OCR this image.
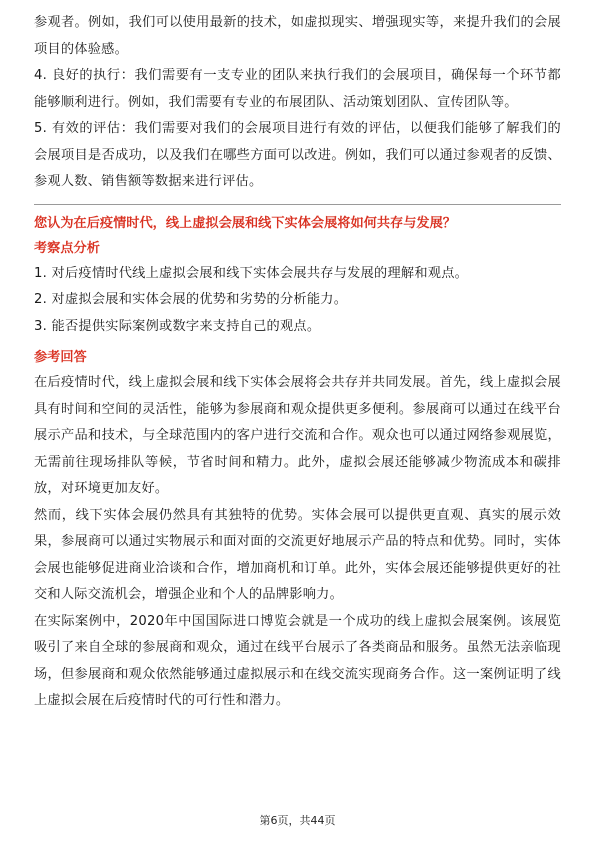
参观者。例如，我们可以使用最新的技术，如虚拟现实、增强现实等，来提升我们的会展项目的体验感。

4. 良好的执行：我们需要有一支专业的团队来执行我们的会展项目，确保每一个环节都能够顺利进行。例如，我们需要有专业的布展团队、活动策划团队、宣传团队等。

5. 有效的评估：我们需要对我们的会展项目进行有效的评估，以便我们能够了解我们的会展项目是否成功，以及我们在哪些方面可以改进。例如，我们可以通过参观者的反馈、参观人数、销售额等数据来进行评估。

您认为在后疫情时代，线上虚拟会展和线下实体会展将如何共存与发展？
考察点分析

1. 对后疫情时代线上虚拟会展和线下实体会展共存与发展的理解和观点。

2. 对虚拟会展和实体会展的优势和劣势的分析能力。

3. 能否提供实际案例或数字来支持自己的观点。

参考回答

在后疫情时代，线上虚拟会展和线下实体会展将会共存并共同发展。首先，线上虚拟会展具有时间和空间的灵活性，能够为参展商和观众提供更多便利。参展商可以通过在线平台展示产品和技术，与全球范围内的客户进行交流和合作。观众也可以通过网络参观展览，无需前往现场排队等候，节省时间和精力。此外，虚拟会展还能够减少物流成本和碳排放，对环境更加友好。

然而，线下实体会展仍然具有其独特的优势。实体会展可以提供更直观、真实的展示效果，参展商可以通过实物展示和面对面的交流更好地展示产品的特点和优势。同时，实体会展也能够促进商业洽谈和合作，增加商机和订单。此外，实体会展还能够提供更好的社交和人际交流机会，增强企业和个人的品牌影响力。

在实际案例中，2020年中国国际进口博览会就是一个成功的线上虚拟会展案例。该展览吸引了来自全球的参展商和观众，通过在线平台展示了各类商品和服务。虽然无法亲临现场，但参展商和观众依然能够通过虚拟展示和在线交流实现商务合作。这一案例证明了线上虚拟会展在后疫情时代的可行性和潜力。

第6页，共44页
